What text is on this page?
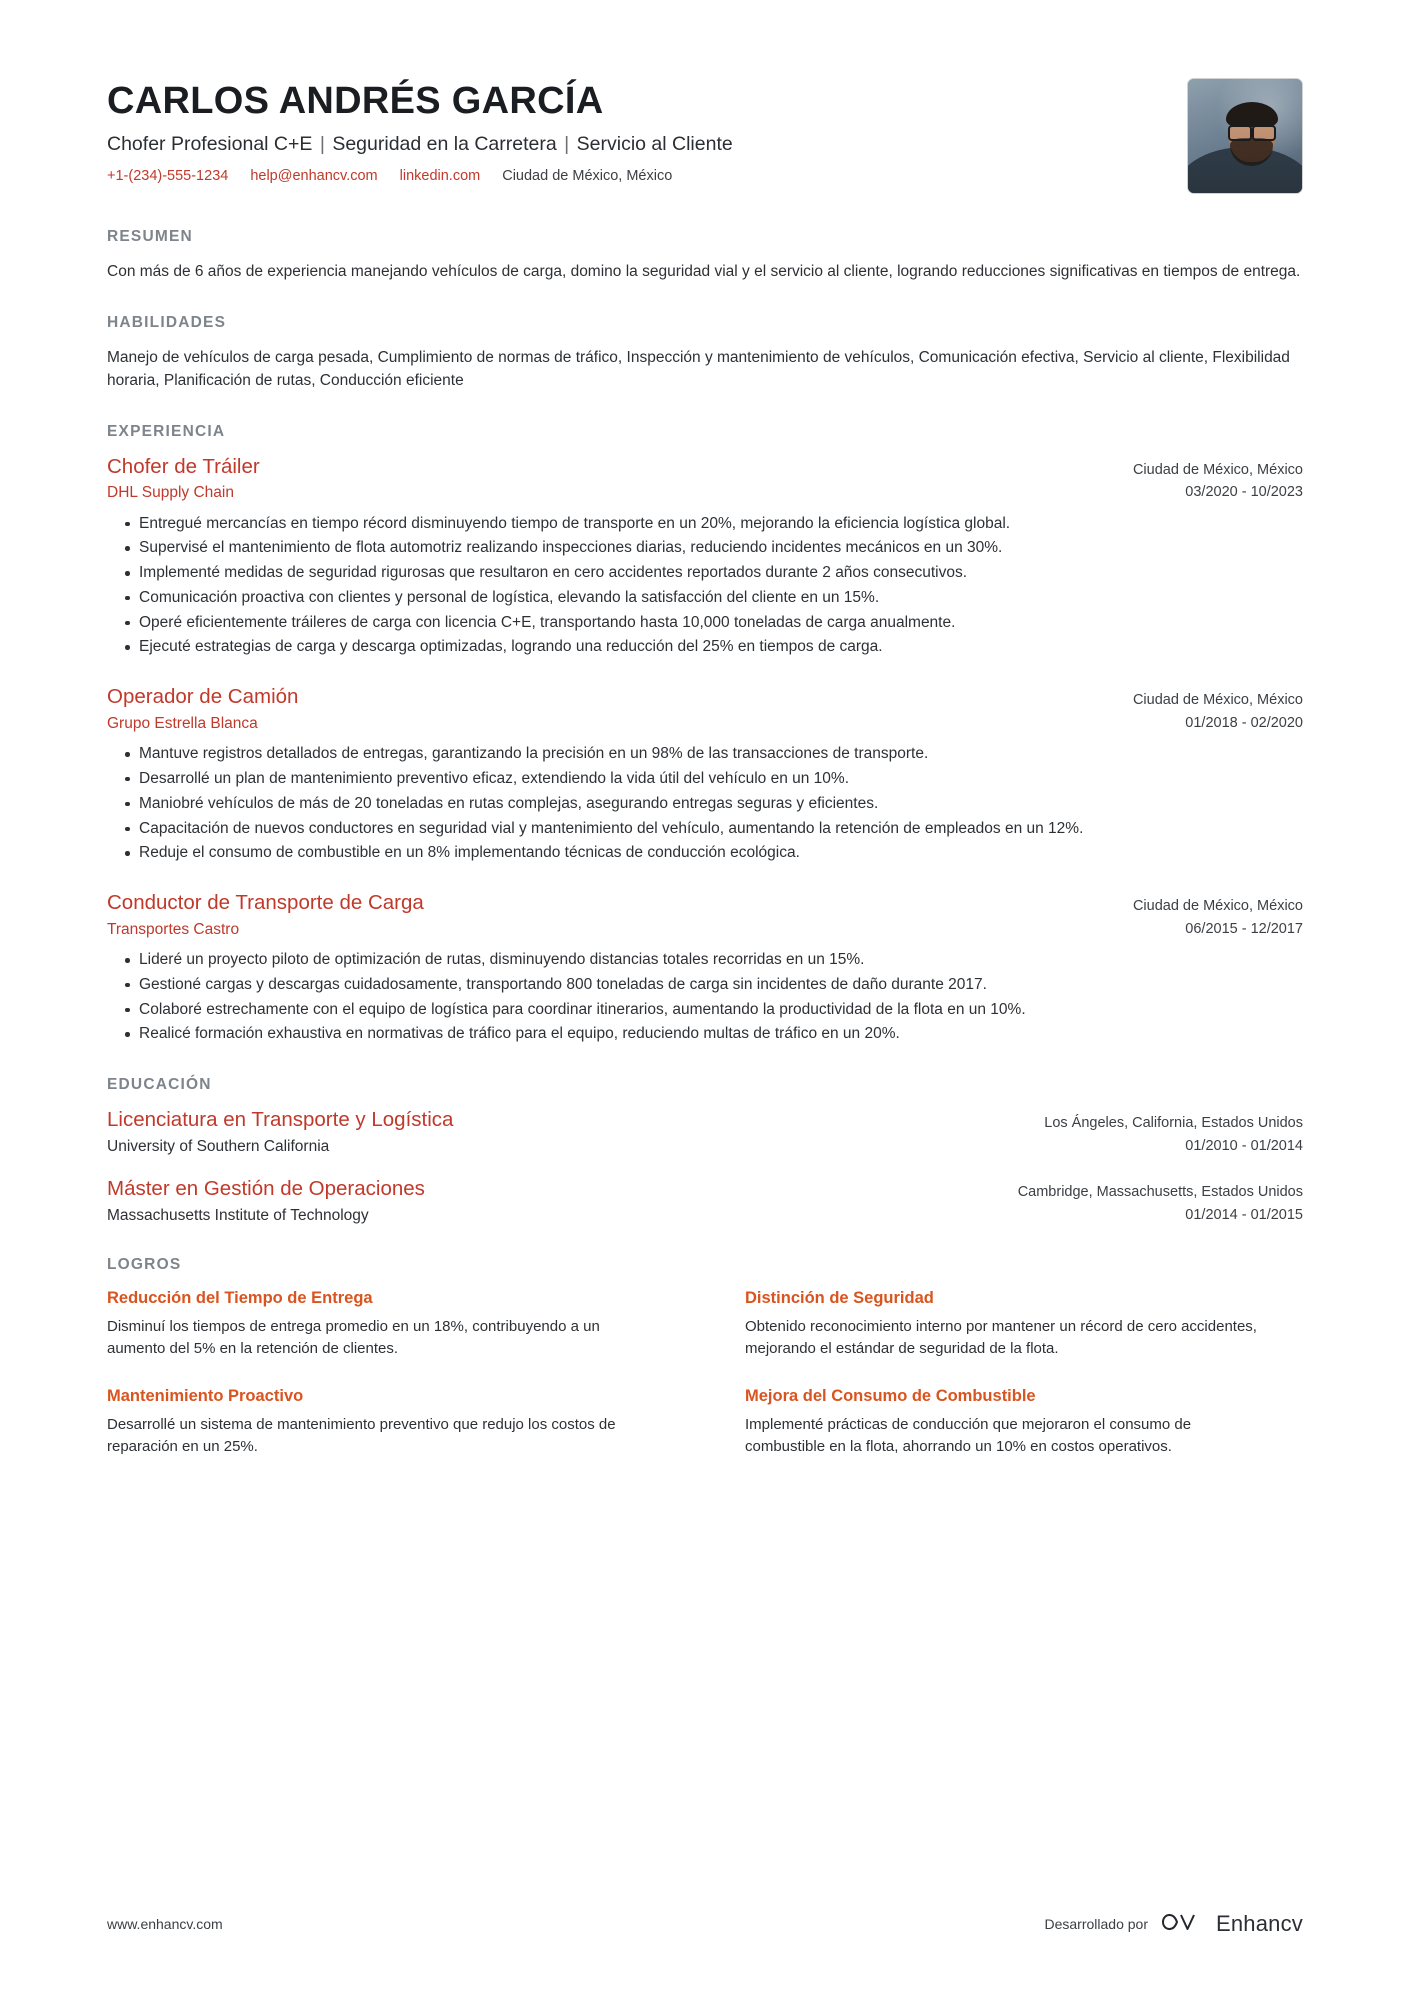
CARLOS ANDRÉS GARCÍA
Chofer Profesional C+E | Seguridad en la Carretera | Servicio al Cliente
+1-(234)-555-1234 help@enhancv.com linkedin.com Ciudad de México, México
RESUMEN

Con más de 6 años de experiencia manejando vehículos de carga, domino la seguridad vial y el servicio al cliente, logrando reducciones significativas en tiempos de entrega.

HABILIDADES

Manejo de vehículos de carga pesada, Cumplimiento de normas de tráfico, Inspección y mantenimiento de vehículos, Comunicación efectiva, Servicio al cliente, Flexibilidad horaria, Planificación de rutas, Conducción eficiente

EXPERIENCIA
Chofer de Tráiler

DHL Supply Chain

Ciudad de México, México
03/2020 - 10/2023
Entregué mercancías en tiempo récord disminuyendo tiempo de transporte en un 20%, mejorando la eficiencia logística global.
Supervisé el mantenimiento de flota automotriz realizando inspecciones diarias, reduciendo incidentes mecánicos en un 30%.
Implementé medidas de seguridad rigurosas que resultaron en cero accidentes reportados durante 2 años consecutivos.
Comunicación proactiva con clientes y personal de logística, elevando la satisfacción del cliente en un 15%.
Operé eficientemente tráileres de carga con licencia C+E, transportando hasta 10,000 toneladas de carga anualmente.
Ejecuté estrategias de carga y descarga optimizadas, logrando una reducción del 25% en tiempos de carga.
Operador de Camión

Grupo Estrella Blanca

Ciudad de México, México
01/2018 - 02/2020
Mantuve registros detallados de entregas, garantizando la precisión en un 98% de las transacciones de transporte.
Desarrollé un plan de mantenimiento preventivo eficaz, extendiendo la vida útil del vehículo en un 10%.
Maniobré vehículos de más de 20 toneladas en rutas complejas, asegurando entregas seguras y eficientes.
Capacitación de nuevos conductores en seguridad vial y mantenimiento del vehículo, aumentando la retención de empleados en un 12%.
Reduje el consumo de combustible en un 8% implementando técnicas de conducción ecológica.
Conductor de Transporte de Carga

Transportes Castro

Ciudad de México, México
06/2015 - 12/2017
Lideré un proyecto piloto de optimización de rutas, disminuyendo distancias totales recorridas en un 15%.
Gestioné cargas y descargas cuidadosamente, transportando 800 toneladas de carga sin incidentes de daño durante 2017.
Colaboré estrechamente con el equipo de logística para coordinar itinerarios, aumentando la productividad de la flota en un 10%.
Realicé formación exhaustiva en normativas de tráfico para el equipo, reduciendo multas de tráfico en un 20%.
EDUCACIÓN
Licenciatura en Transporte y Logística

University of Southern California

Los Ángeles, California, Estados Unidos
01/2010 - 01/2014
Máster en Gestión de Operaciones

Massachusetts Institute of Technology

Cambridge, Massachusetts, Estados Unidos
01/2014 - 01/2015
LOGROS
Reducción del Tiempo de Entrega

Disminuí los tiempos de entrega promedio en un 18%, contribuyendo a un aumento del 5% en la retención de clientes.

Distinción de Seguridad

Obtenido reconocimiento interno por mantener un récord de cero accidentes, mejorando el estándar de seguridad de la flota.

Mantenimiento Proactivo

Desarrollé un sistema de mantenimiento preventivo que redujo los costos de reparación en un 25%.

Mejora del Consumo de Combustible

Implementé prácticas de conducción que mejoraron el consumo de combustible en la flota, ahorrando un 10% en costos operativos.

www.enhancv.com	Desarrollado por	Enhancv
